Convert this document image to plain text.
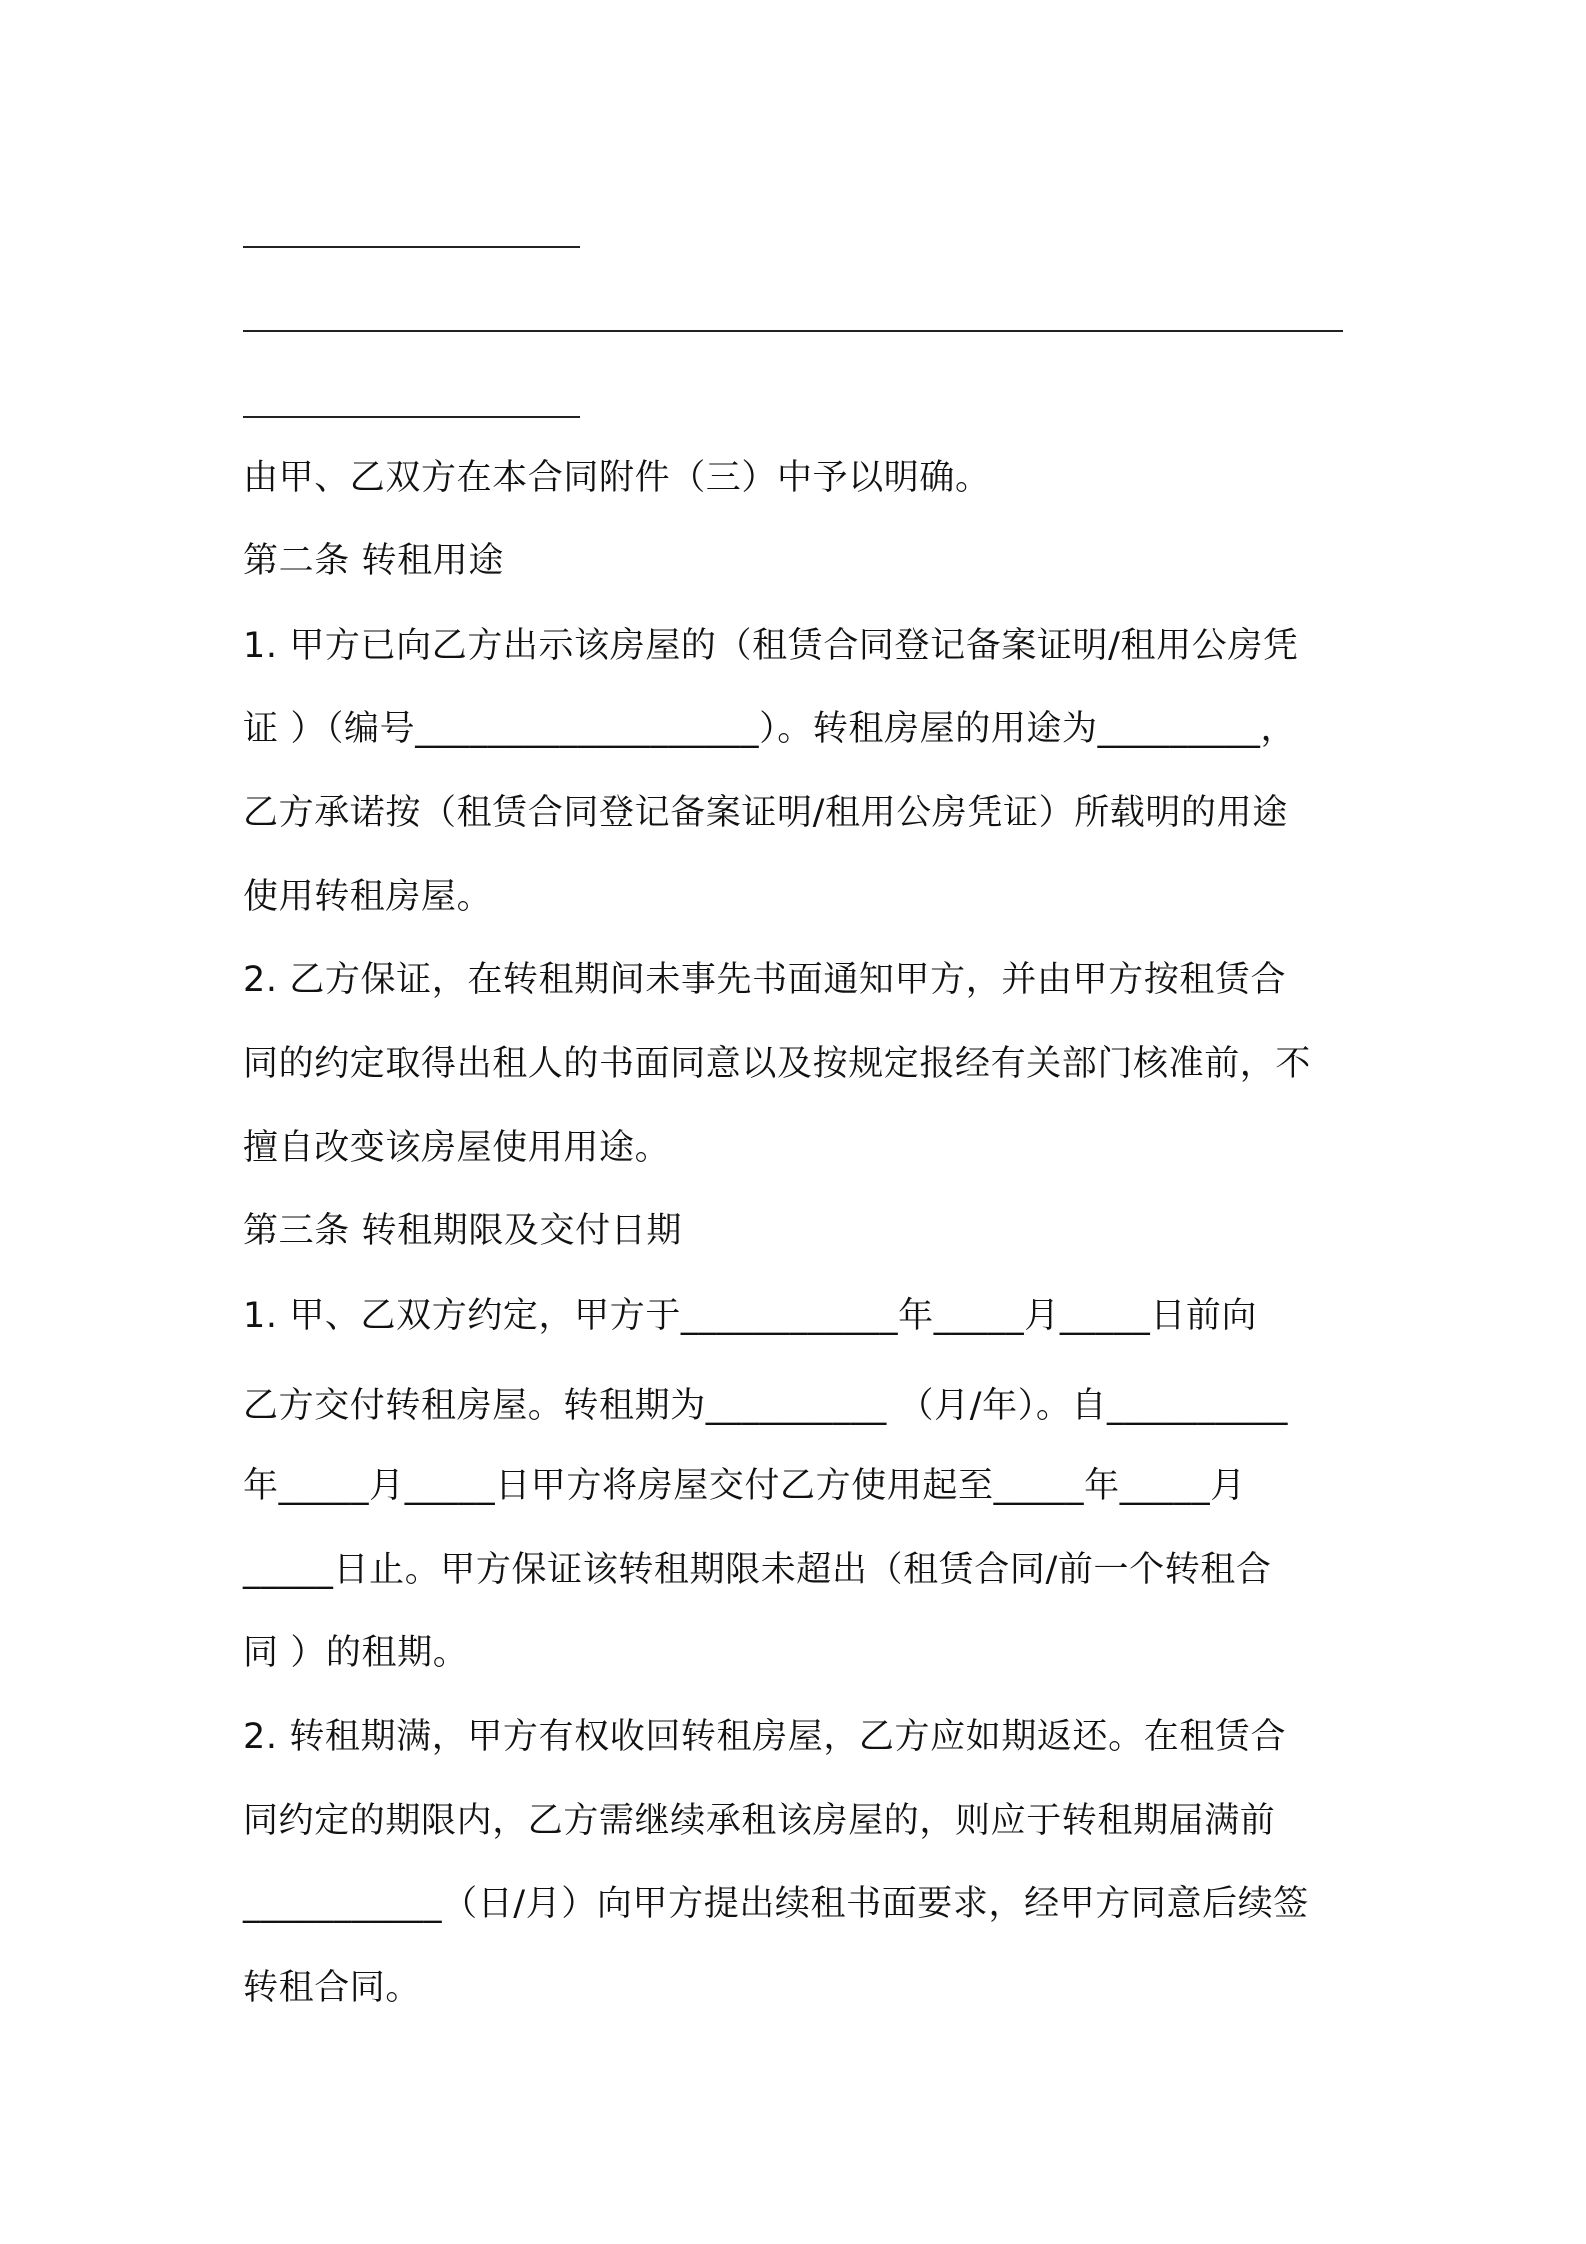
由甲、乙双方在本合同附件（三）中予以明确。
第二条 转租用途
1. 甲方已向乙方出示该房屋的（租赁合同登记备案证明/租用公房凭
证 ）（编号___________________）。转租房屋的用途为_________，
乙方承诺按（租赁合同登记备案证明/租用公房凭证）所载明的用途
使用转租房屋。
2. 乙方保证，在转租期间未事先书面通知甲方，并由甲方按租赁合
同的约定取得出租人的书面同意以及按规定报经有关部门核准前，不
擅自改变该房屋使用用途。
第三条 转租期限及交付日期
1. 甲、乙双方约定，甲方于____________年_____月_____日前向
乙方交付转租房屋。转租期为__________ （月/年）。自__________
年_____月_____日甲方将房屋交付乙方使用起至_____年_____月
_____日止。甲方保证该转租期限未超出（租赁合同/前一个转租合
同 ）的租期。
2. 转租期满，甲方有权收回转租房屋，乙方应如期返还。在租赁合
同约定的期限内，乙方需继续承租该房屋的，则应于转租期届满前
___________（日/月）向甲方提出续租书面要求，经甲方同意后续签
转租合同。
